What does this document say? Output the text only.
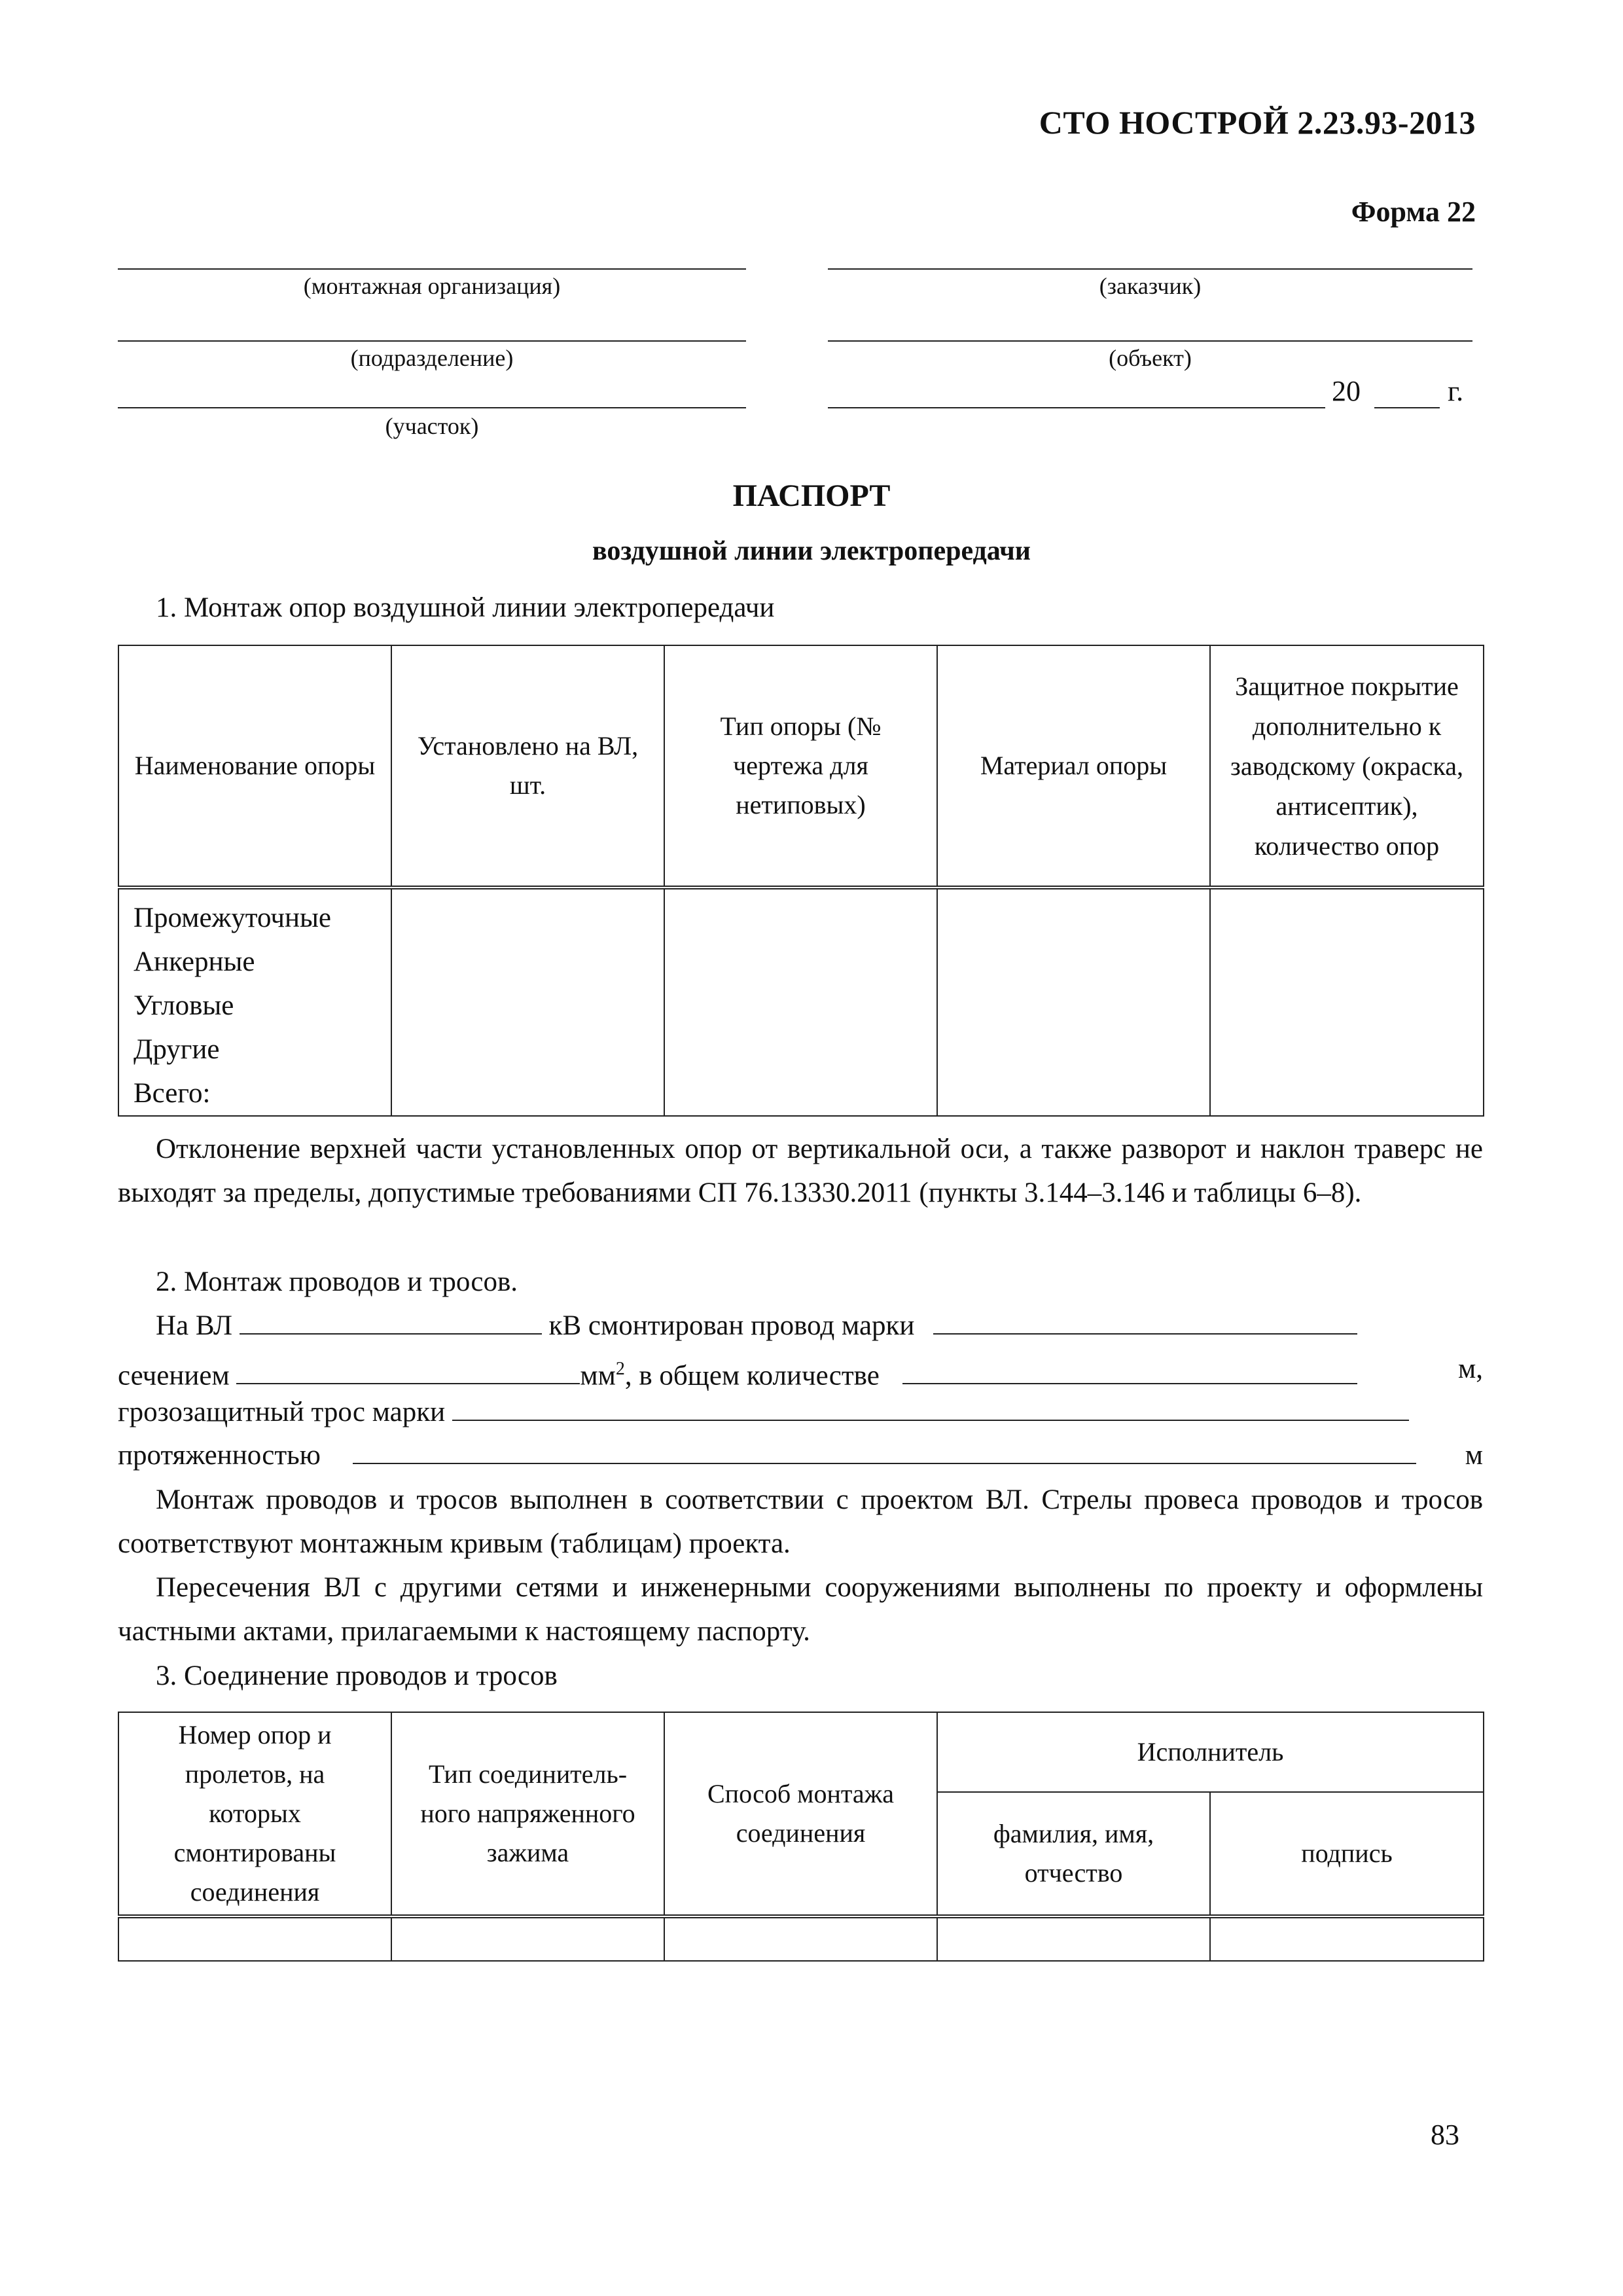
СТО НОСТРОЙ 2.23.93-2013
Форма 22
(монтажная организация)
(подразделение)
(участок)
(заказчик)
(объект)
20	г.
ПАСПОРТ
воздушной линии электропередачи
1. Монтаж опор воздушной линии электропередачи
Наименование опоры	Установлено на ВЛ, шт.	Тип опоры (№ чертежа для нетиповых)	Материал опоры	Защитное покрытие дополнительно к заводскому (окраска, антисептик), количество опор

Промежуточные
Анкерные
Угловые
Другие
Всего:				

Отклонение верхней части установленных опор от вертикальной оси, а также разворот и наклон траверс не выходят за пределы, допустимые требованиями СП 76.13330.2011 (пункты 3.144–3.146 и таблицы 6–8).
2. Монтаж проводов и тросов.
На ВЛ	кВ смонтирован провод марки
сечением	$мм^2$, в общем количестве	м,
грозозащитный трос марки
протяженностью	м
Монтаж проводов и тросов выполнен в соответствии с проектом ВЛ. Стрелы провеса проводов и тросов соответствуют монтажным кривым (таблицам) проекта.
Пересечения ВЛ с другими сетями и инженерными сооружениями выполнены по проекту и оформлены частными актами, прилагаемыми к настоящему паспорту.
3. Соединение проводов и тросов
Номер опор и пролетов, на которых смонтированы соединения	Тип соединитель-ного напряженного зажима	Способ монтажа соединения	Исполнитель	
			фамилия, имя, отчество	подпись

83
